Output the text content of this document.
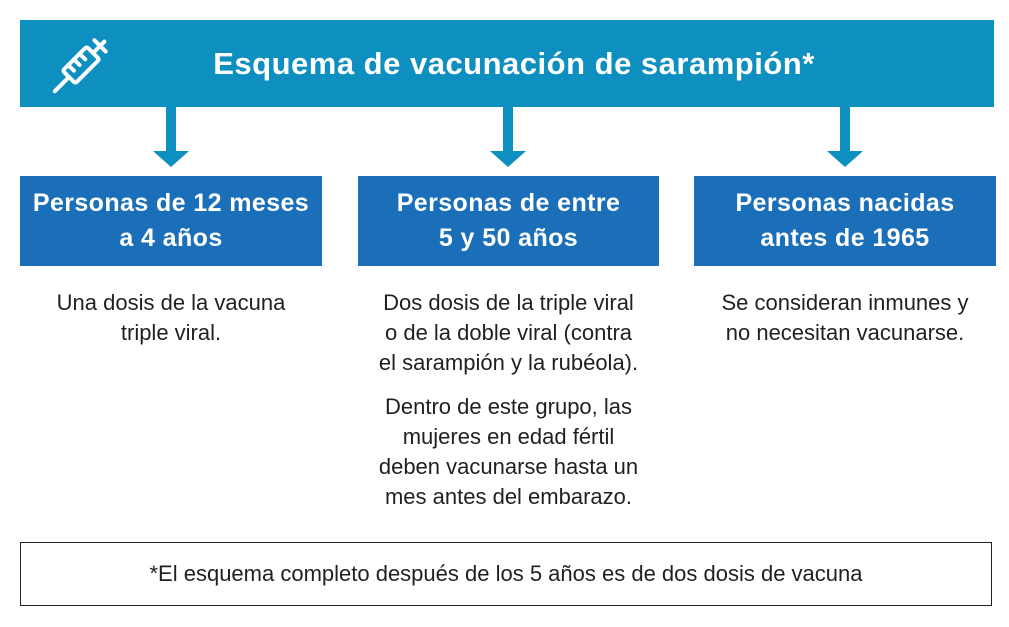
Esquema de vacunación de sarampión*
Personas de 12 meses
a 4 años
Personas de entre
5 y 50 años
Personas nacidas
antes de 1965

Una dosis de la vacuna
triple viral.

Dos dosis de la triple viral
o de la doble viral (contra
el sarampión y la rubéola).

Dentro de este grupo, las
mujeres en edad fértil
deben vacunarse hasta un
mes antes del embarazo.

Se consideran inmunes y
no necesitan vacunarse.

*El esquema completo después de los 5 años es de dos dosis de vacuna
